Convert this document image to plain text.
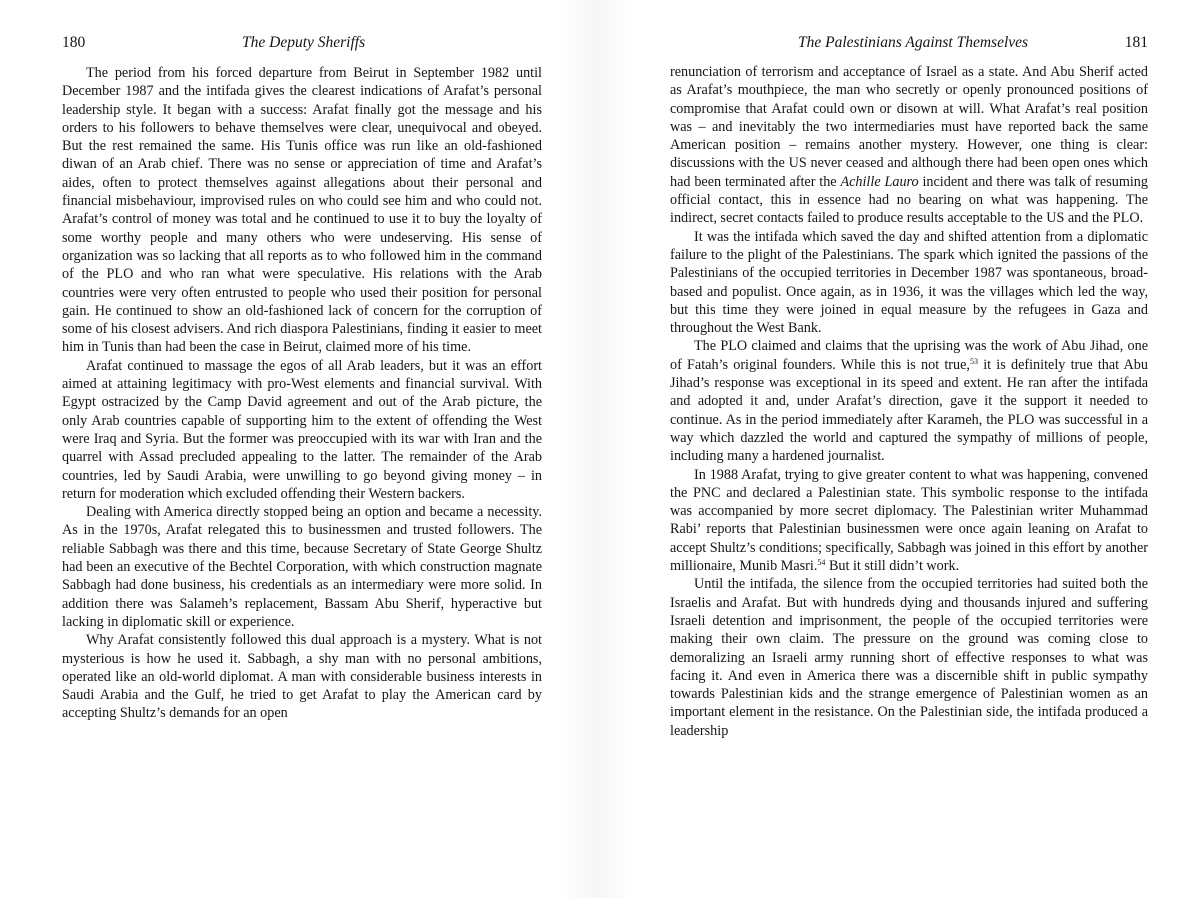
180	The Deputy Sheriffs

The period from his forced departure from Beirut in September 1982 until December 1987 and the intifada gives the clearest indications of Arafat’s personal leadership style. It began with a success: Arafat finally got the message and his orders to his followers to behave themselves were clear, unequivocal and obeyed. But the rest remained the same. His Tunis office was run like an old-fashioned diwan of an Arab chief. There was no sense or appreciation of time and Arafat’s aides, often to protect themselves against allegations about their personal and financial misbehaviour, improvised rules on who could see him and who could not. Arafat’s control of money was total and he continued to use it to buy the loyalty of some worthy people and many others who were undeserving. His sense of organization was so lacking that all reports as to who followed him in the command of the PLO and who ran what were speculative. His relations with the Arab countries were very often entrusted to people who used their position for personal gain. He continued to show an old-fashioned lack of concern for the corruption of some of his closest advisers. And rich diaspora Palestinians, finding it easier to meet him in Tunis than had been the case in Beirut, claimed more of his time.

Arafat continued to massage the egos of all Arab leaders, but it was an effort aimed at attaining legitimacy with pro-West elements and financial survival. With Egypt ostracized by the Camp David agreement and out of the Arab picture, the only Arab countries capable of supporting him to the extent of offending the West were Iraq and Syria. But the former was preoccupied with its war with Iran and the quarrel with Assad precluded appealing to the latter. The remainder of the Arab countries, led by Saudi Arabia, were unwilling to go beyond giving money – in return for moderation which excluded offending their Western backers.

Dealing with America directly stopped being an option and became a necessity. As in the 1970s, Arafat relegated this to businessmen and trusted followers. The reliable Sabbagh was there and this time, because Secretary of State George Shultz had been an executive of the Bechtel Corporation, with which construction magnate Sabbagh had done business, his credentials as an intermediary were more solid. In addition there was Salameh’s replacement, Bassam Abu Sherif, hyperactive but lacking in diplomatic skill or experience.

Why Arafat consistently followed this dual approach is a mystery. What is not mysterious is how he used it. Sabbagh, a shy man with no personal ambitions, operated like an old-world diplomat. A man with considerable business interests in Saudi Arabia and the Gulf, he tried to get Arafat to play the American card by accepting Shultz’s demands for an open

The Palestinians Against Themselves	181

renunciation of terrorism and acceptance of Israel as a state. And Abu Sherif acted as Arafat’s mouthpiece, the man who secretly or openly pronounced positions of compromise that Arafat could own or disown at will. What Arafat’s real position was – and inevitably the two intermediaries must have reported back the same American position – remains another mystery. However, one thing is clear: discussions with the US never ceased and although there had been open ones which had been terminated after the Achille Lauro incident and there was talk of resuming official contact, this in essence had no bearing on what was happening. The indirect, secret contacts failed to produce results acceptable to the US and the PLO.

It was the intifada which saved the day and shifted attention from a diplomatic failure to the plight of the Palestinians. The spark which ignited the passions of the Palestinians of the occupied territories in December 1987 was spontaneous, broad-based and populist. Once again, as in 1936, it was the villages which led the way, but this time they were joined in equal measure by the refugees in Gaza and throughout the West Bank.

The PLO claimed and claims that the uprising was the work of Abu Jihad, one of Fatah’s original founders. While this is not true,$^{53}$ it is definitely true that Abu Jihad’s response was exceptional in its speed and extent. He ran after the intifada and adopted it and, under Arafat’s direction, gave it the support it needed to continue. As in the period immediately after Karameh, the PLO was successful in a way which dazzled the world and captured the sympathy of millions of people, including many a hardened journalist.

In 1988 Arafat, trying to give greater content to what was happening, convened the PNC and declared a Palestinian state. This symbolic response to the intifada was accompanied by more secret diplomacy. The Palestinian writer Muhammad Rabi’ reports that Palestinian businessmen were once again leaning on Arafat to accept Shultz’s conditions; specifically, Sabbagh was joined in this effort by another millionaire, Munib Masri.$^{54}$ But it still didn’t work.

Until the intifada, the silence from the occupied territories had suited both the Israelis and Arafat. But with hundreds dying and thousands injured and suffering Israeli detention and imprisonment, the people of the occupied territories were making their own claim. The pressure on the ground was coming close to demoralizing an Israeli army running short of effective responses to what was facing it. And even in America there was a discernible shift in public sympathy towards Palestinian kids and the strange emergence of Palestinian women as an important element in the resistance. On the Palestinian side, the intifada produced a leadership
